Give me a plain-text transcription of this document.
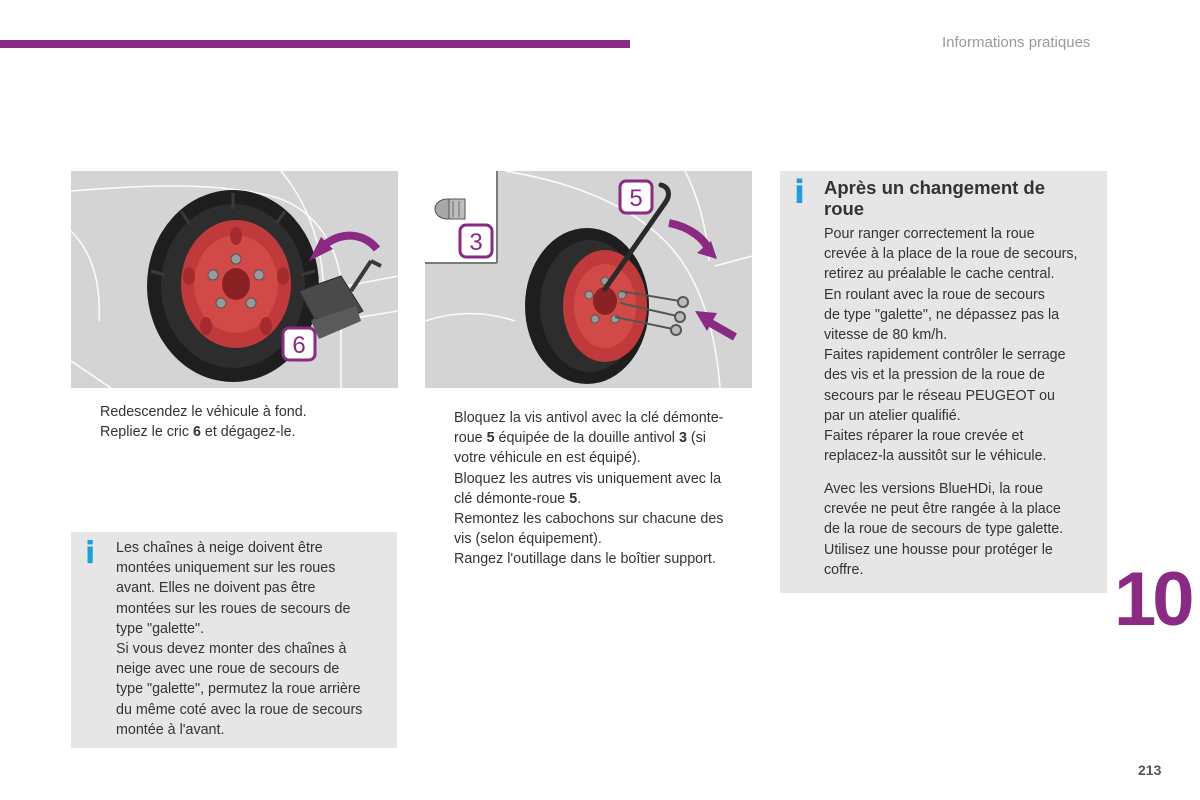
Informations pratiques
6
3
5
Redescendez le véhicule à fond.
Repliez le cric 6 et dégagez-le.
Bloquez la vis antivol avec la clé démonte-
roue 5 équipée de la douille antivol 3 (si
votre véhicule en est équipé).
Bloquez les autres vis uniquement avec la
clé démonte-roue 5.
Remontez les cabochons sur chacune des
vis (selon équipement).
Rangez l'outillage dans le boîtier support.
i Les chaînes à neige doivent être
montées uniquement sur les roues
avant. Elles ne doivent pas être
montées sur les roues de secours de
type "galette".
Si vous devez monter des chaînes à
neige avec une roue de secours de
type "galette", permutez la roue arrière
du même coté avec la roue de secours
montée à l'avant.

i Après un changement de
roue

Pour ranger correctement la roue
crevée à la place de la roue de secours,
retirez au préalable le cache central.
En roulant avec la roue de secours
de type "galette", ne dépassez pas la
vitesse de 80 km/h.
Faites rapidement contrôler le serrage
des vis et la pression de la roue de
secours par le réseau PEUGEOT ou
par un atelier qualifié.
Faites réparer la roue crevée et
replacez-la aussitôt sur le véhicule.

Avec les versions BlueHDi, la roue
crevée ne peut être rangée à la place
de la roue de secours de type galette.
Utilisez une housse pour protéger le
coffre.	10
213
